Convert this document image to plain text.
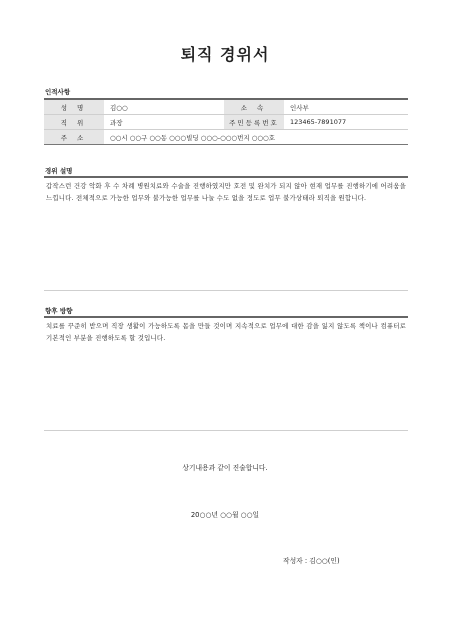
퇴직 경위서
인적사항
성 명	김○○	소 속	인사부
직 위	과장	주민등록번호	123465-7891077
주 소	○○시 ○○구 ○○동 ○○○빌딩 ○○○-○○○번지 ○○○호		
경위 설명

갑작스런 건강 악화 후 수 차례 병원치료와 수술을 진행하였지만 호전 및 완치가 되지 않아 현재 업무를 진행하기에 어려움을 느낍니다. 전체적으로 가능한 업무와 불가능한 업무를 나눌 수도 없을 정도로 업무 불가상태라 퇴직을 원합니다.

향후 방향

치료를 꾸준히 받으며 직장 생활이 가능하도록 몸을 만들 것이며 지속적으로 업무에 대한 감을 잃지 않도록 책이나 컴퓨터로 기본적인 부분을 진행하도록 할 것입니다.

상기내용과 같이 진술합니다.
20○○년 ○○월 ○○일
작성자 : 김○○(인)
